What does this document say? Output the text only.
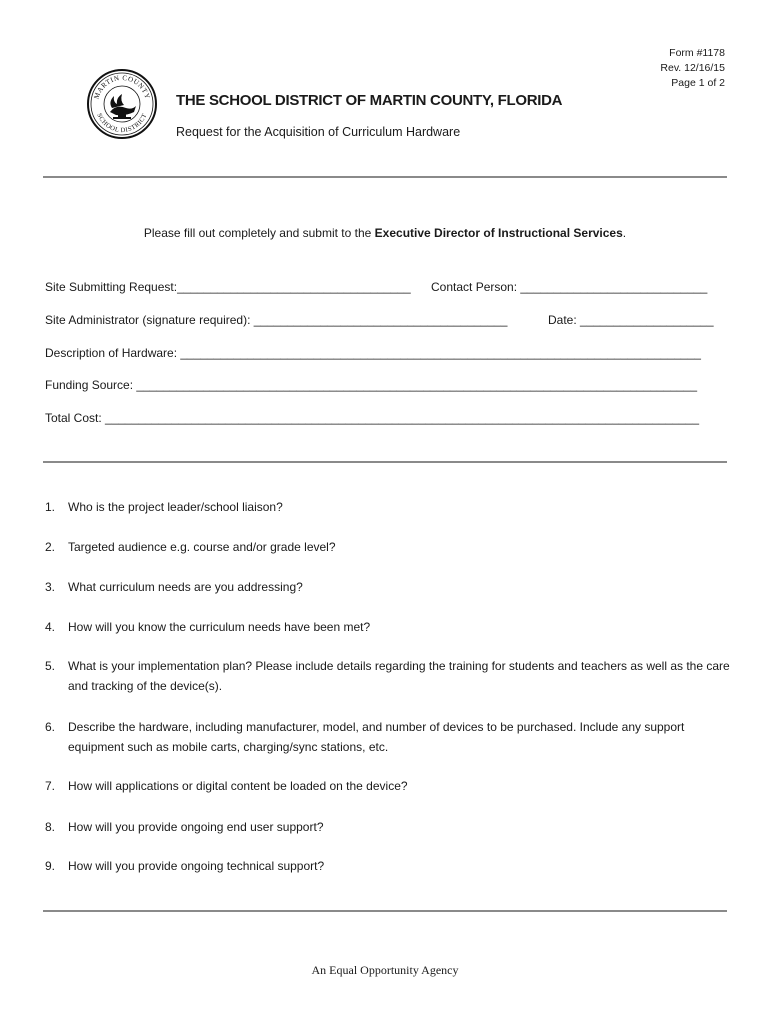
Form #1178
Rev. 12/16/15
Page 1 of 2
MARTIN COUNTY
SCHOOL DISTRICT
THE SCHOOL DISTRICT OF MARTIN COUNTY, FLORIDA
Request for the Acquisition of Curriculum Hardware
Please fill out completely and submit to the Executive Director of Instructional Services.
Site Submitting Request:___________________________________ Contact Person: ____________________________
Site Administrator (signature required): ______________________________________	Date: ____________________
Description of Hardware: ______________________________________________________________________________
Funding Source: ____________________________________________________________________________________
Total Cost: _________________________________________________________________________________________
1. Who is the project leader/school liaison?
2. Targeted audience e.g. course and/or grade level?
3. What curriculum needs are you addressing?
4. How will you know the curriculum needs have been met?
5. What is your implementation plan? Please include details regarding the training for students and teachers as well as the care and tracking of the device(s).
6. Describe the hardware, including manufacturer, model, and number of devices to be purchased. Include any support equipment such as mobile carts, charging/sync stations, etc.
7. How will applications or digital content be loaded on the device?
8. How will you provide ongoing end user support?
9. How will you provide ongoing technical support?
An Equal Opportunity Agency
